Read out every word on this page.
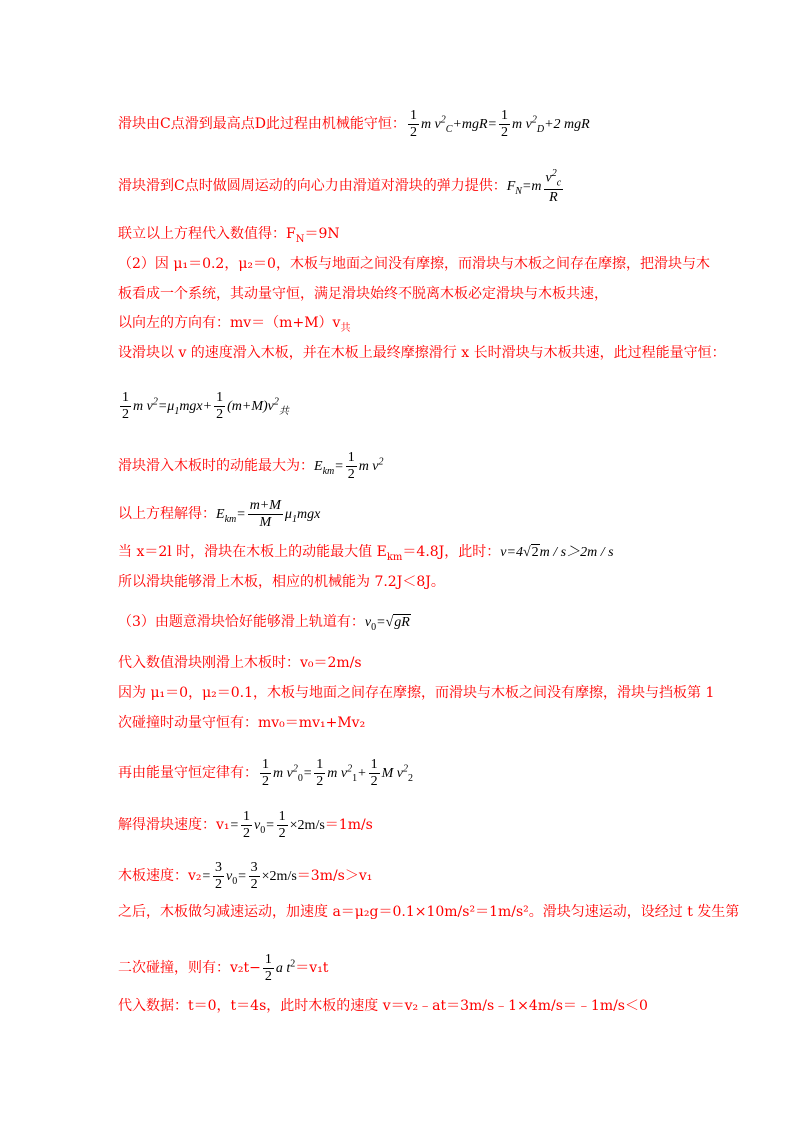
滑块由C点滑到最高点D此过程由机械能守恒： $\frac{1}{2}$ m $v^2_C+mgR= \frac{1}{2}$ m $v^2_D+2$ mgR
滑块滑到C点时做圆周运动的向心力由滑道对滑块的弹力提供：$F_N=m \frac{v^2_c}{R}$
联立以上方程代入数值得：$F_N=9N$
（2）因 μ₁＝0.2，μ₂＝0，木板与地面之间没有摩擦，而滑块与木板之间存在摩擦，把滑块与木
板看成一个系统，其动量守恒，满足滑块始终不脱离木板必定滑块与木板共速，
以向左的方向有：$mv=(m+M)v_共$
设滑块以 v 的速度滑入木板，并在木板上最终摩擦滑行 x 长时滑块与木板共速，此过程能量守恒：
$\frac{1}{2}$ m $v^2=\mu_1mgx+ \frac{1}{2} (m+M)v^2_共$
滑块滑入木板时的动能最大为：$E_{km}= \frac{1}{2}$ m $v^2$
以上方程解得：$E_{km}= \frac{m+M}{M} \mu_1mgx$
当 x＝2l 时，滑块在木板上的动能最大值 $E_{km}=4.8J$，此时：v=4√2m / s＞2m / s
所以滑块能够滑上木板，相应的机械能为 7.2J＜8J。
（3）由题意滑块恰好能够滑上轨道有：$v_0=√gR$
代入数值滑块刚滑上木板时：v₀＝2m/s
因为 μ₁＝0，μ₂＝0.1，木板与地面之间存在摩擦，而滑块与木板之间没有摩擦，滑块与挡板第 1
次碰撞时动量守恒有：mv₀＝mv₁+Mv₂
再由能量守恒定律有： $\frac{1}{2}$ m $v^2_0= \frac{1}{2}$ m $v^2_1+ \frac{1}{2}$ M $v^2_2$
解得滑块速度：$v_1= \frac{1}{2} v_0= \frac{1}{2} \times 2m/s=1m/s$
木板速度：$v_2= \frac{3}{2} v_0= \frac{3}{2} \times 2m/s=3m/s>v_1$
之后，木板做匀减速运动，加速度 a＝μ₂g＝0.1×10m/s²＝1m/s²。滑块匀速运动，设经过 t 发生第
二次碰撞，则有：$v_2t- \frac{1}{2}$ a $t^2=v_1t$
代入数据：t＝0，t＝4s，此时木板的速度 v＝v₂﹣at＝3m/s﹣1×4m/s＝﹣1m/s＜0
